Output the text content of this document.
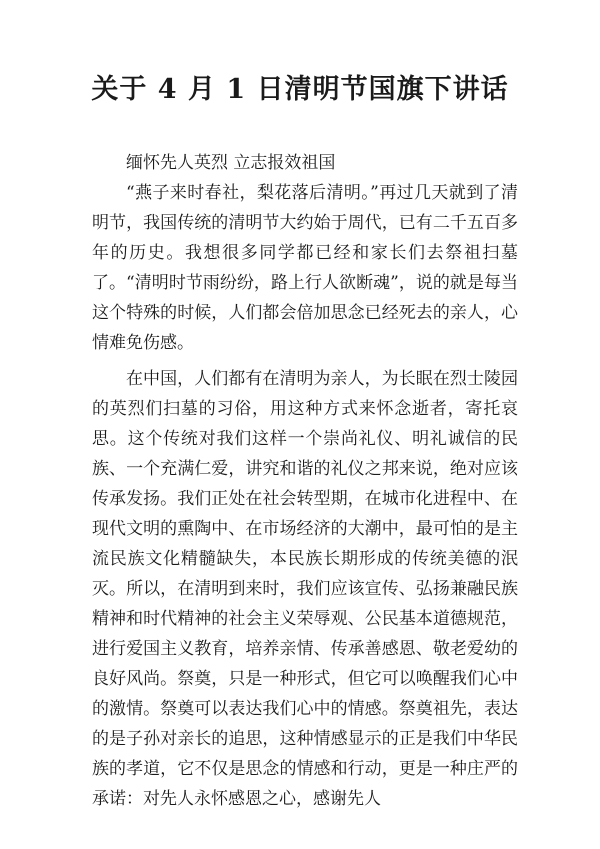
关于 4 月 1 日清明节国旗下讲话

缅怀先人英烈 立志报效祖国

“燕子来时春社，梨花落后清明。”再过几天就到了清明节，我国传统的清明节大约始于周代，已有二千五百多年的历史。我想很多同学都已经和家长们去祭祖扫墓了。“清明时节雨纷纷，路上行人欲断魂”，说的就是每当这个特殊的时候，人们都会倍加思念已经死去的亲人，心情难免伤感。

在中国，人们都有在清明为亲人，为长眠在烈士陵园的英烈们扫墓的习俗，用这种方式来怀念逝者，寄托哀思。这个传统对我们这样一个崇尚礼仪、明礼诚信的民族、一个充满仁爱，讲究和谐的礼仪之邦来说，绝对应该传承发扬。我们正处在社会转型期，在城市化进程中、在现代文明的熏陶中、在市场经济的大潮中，最可怕的是主流民族文化精髓缺失，本民族长期形成的传统美德的泯灭。所以，在清明到来时，我们应该宣传、弘扬兼融民族精神和时代精神的社会主义荣辱观、公民基本道德规范，进行爱国主义教育，培养亲情、传承善感恩、敬老爱幼的良好风尚。祭奠，只是一种形式，但它可以唤醒我们心中的激情。祭奠可以表达我们心中的情感。祭奠祖先，表达的是子孙对亲长的追思，这种情感显示的正是我们中华民族的孝道，它不仅是思念的情感和行动，更是一种庄严的承诺：对先人永怀感恩之心，感谢先人
